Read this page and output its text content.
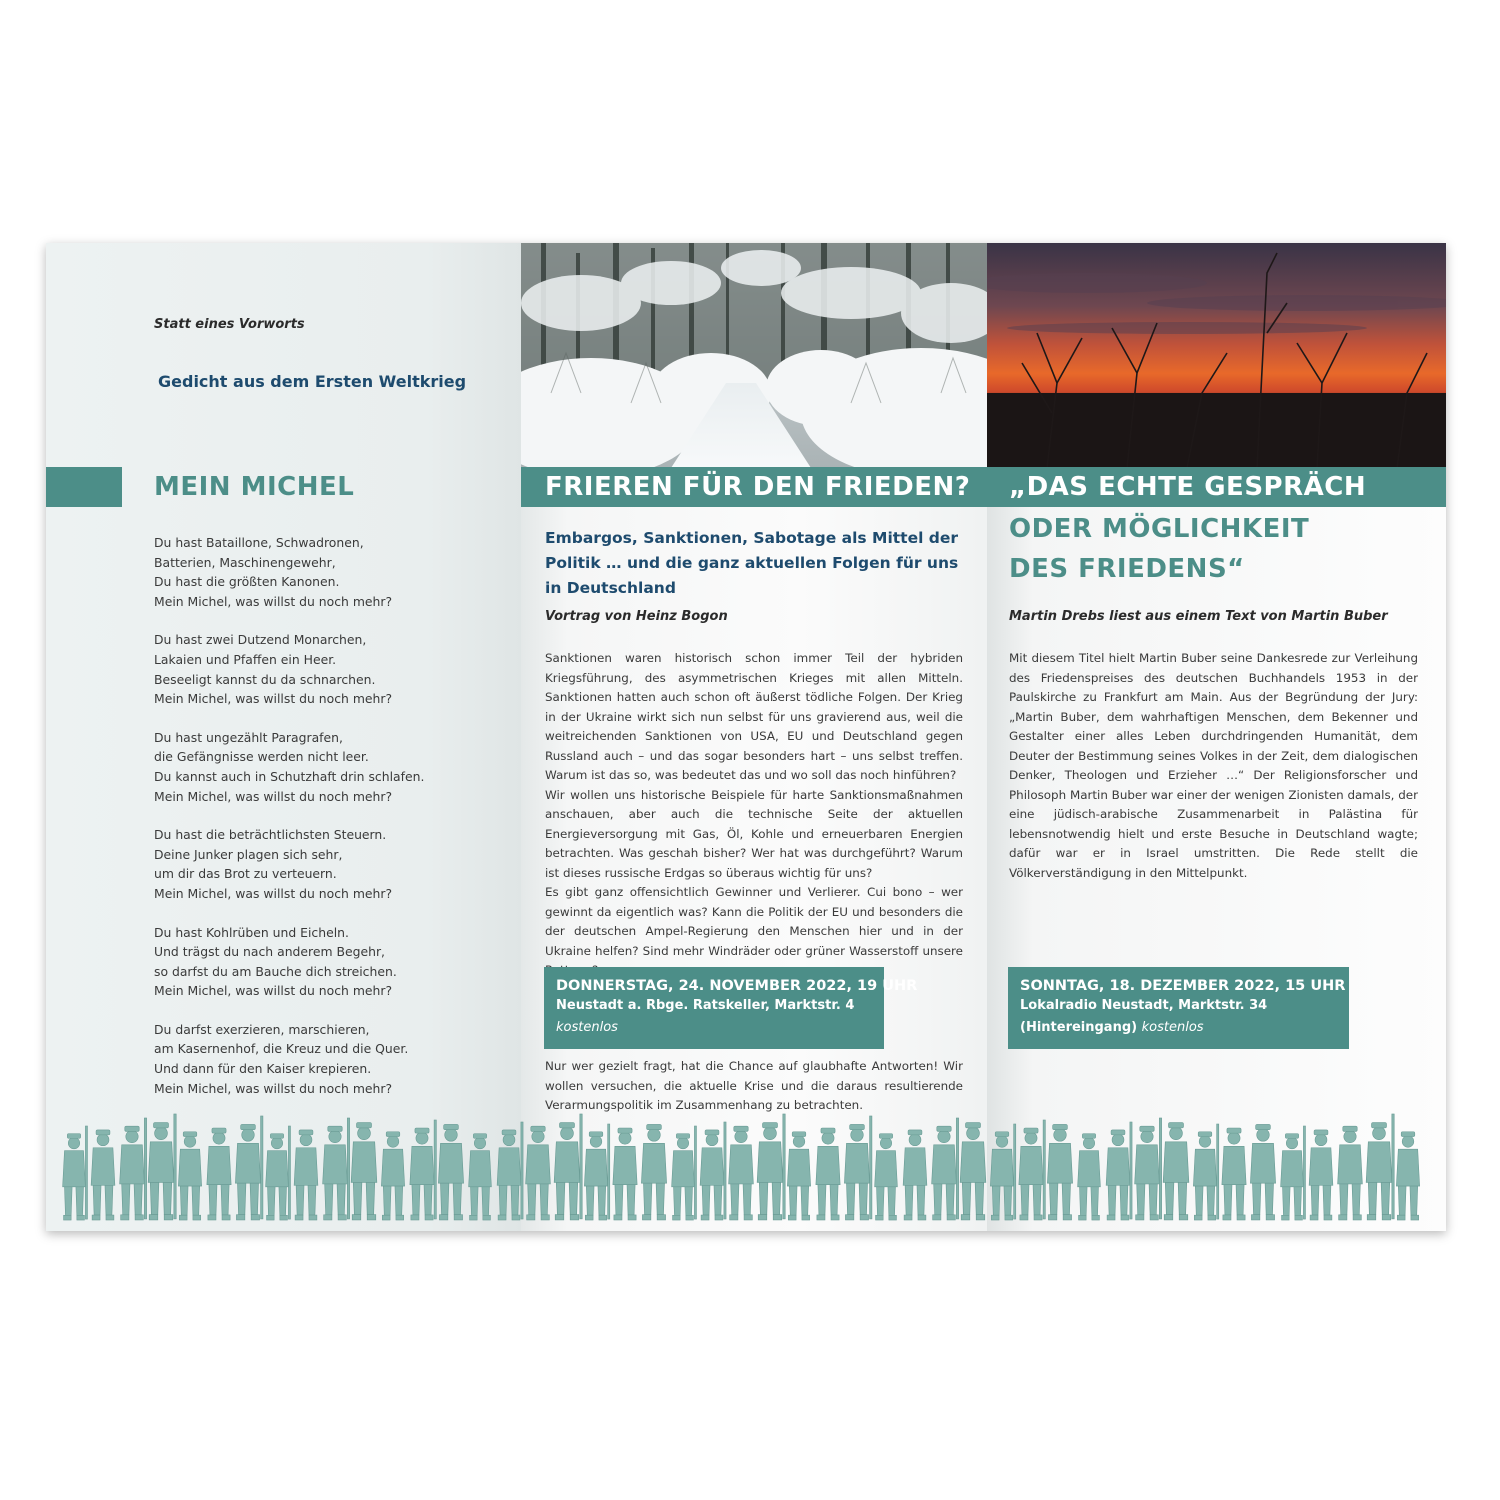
Statt eines Vorworts

Gedicht aus dem Ersten Weltkrieg
MEIN MICHEL
Du hast Bataillone, Schwadronen,
Batterien, Maschinengewehr,
Du hast die größten Kanonen.
Mein Michel, was willst du noch mehr?
Du hast zwei Dutzend Monarchen,
Lakaien und Pfaffen ein Heer.
Beseeligt kannst du da schnarchen.
Mein Michel, was willst du noch mehr?
Du hast ungezählt Paragrafen,
die Gefängnisse werden nicht leer.
Du kannst auch in Schutzhaft drin schlafen.
Mein Michel, was willst du noch mehr?
Du hast die beträchtlichsten Steuern.
Deine Junker plagen sich sehr,
um dir das Brot zu verteuern.
Mein Michel, was willst du noch mehr?
Du hast Kohlrüben und Eicheln.
Und trägst du nach anderem Begehr,
so darfst du am Bauche dich streichen.
Mein Michel, was willst du noch mehr?
Du darfst exerzieren, marschieren,
am Kasernenhof, die Kreuz und die Quer.
Und dann für den Kaiser krepieren.
Mein Michel, was willst du noch mehr?
FRIEREN FÜR DEN FRIEDEN?
Embargos, Sanktionen, Sabotage als Mittel der
Politik … und die ganz aktuellen Folgen für uns
in Deutschland

Vortrag von Heinz Bogon

Sanktionen waren historisch schon immer Teil der hybriden Kriegsführung, des asymmetrischen Krieges mit allen Mitteln. Sanktionen hatten auch schon oft äußerst tödliche Folgen. Der Krieg in der Ukraine wirkt sich nun selbst für uns gravierend aus, weil die weitreichenden Sanktionen von USA, EU und Deutschland gegen Russland auch – und das sogar besonders hart – uns selbst treffen. Warum ist das so, was bedeutet das und wo soll das noch hinführen?

Wir wollen uns historische Beispiele für harte Sanktionsmaßnahmen anschauen, aber auch die technische Seite der aktuellen Energieversorgung mit Gas, Öl, Kohle und erneuerbaren Energien betrachten. Was geschah bisher? Wer hat was durchgeführt? Warum ist dieses russische Erdgas so überaus wichtig für uns?

Es gibt ganz offensichtlich Gewinner und Verlierer. Cui bono – wer gewinnt da eigentlich was? Kann die Politik der EU und besonders die der deutschen Ampel-Regierung den Menschen hier und in der Ukraine helfen? Sind mehr Windräder oder grüner Wasserstoff unsere

DONNERSTAG, 24. NOVEMBER 2022, 19 UHR
Neustadt a. Rbge. Ratskeller, Marktstr. 4
kostenlos

Nur wer gezielt fragt, hat die Chance auf glaubhafte Antworten! Wir wollen versuchen, die aktuelle Krise und die daraus resultierende Verarmungspolitik im Zusammenhang zu betrachten.

„DAS ECHTE GESPRÄCH
ODER MÖGLICHKEIT
DES FRIEDENS“

Martin Drebs liest aus einem Text von Martin Buber

Mit diesem Titel hielt Martin Buber seine Dankesrede zur Verleihung des Friedenspreises des deutschen Buchhandels 1953 in der Paulskirche zu Frankfurt am Main. Aus der Begründung der Jury: „Martin Buber, dem wahrhaftigen Menschen, dem Bekenner und Gestalter einer alles Leben durchdringenden Humanität, dem Deuter der Bestimmung seines Volkes in der Zeit, dem dialogischen Denker, Theologen und Erzieher …“ Der Religionsforscher und Philosoph Martin Buber war einer der wenigen Zionisten damals, der eine jüdisch-arabische Zusammenarbeit in Palästina für lebensnotwendig hielt und erste Besuche in Deutschland wagte; dafür war er in Israel umstritten. Die Rede stellt die Völkerverständigung in den Mittelpunkt.

SONNTAG, 18. DEZEMBER 2022, 15 UHR
Lokalradio Neustadt, Marktstr. 34
(Hintereingang) kostenlos
